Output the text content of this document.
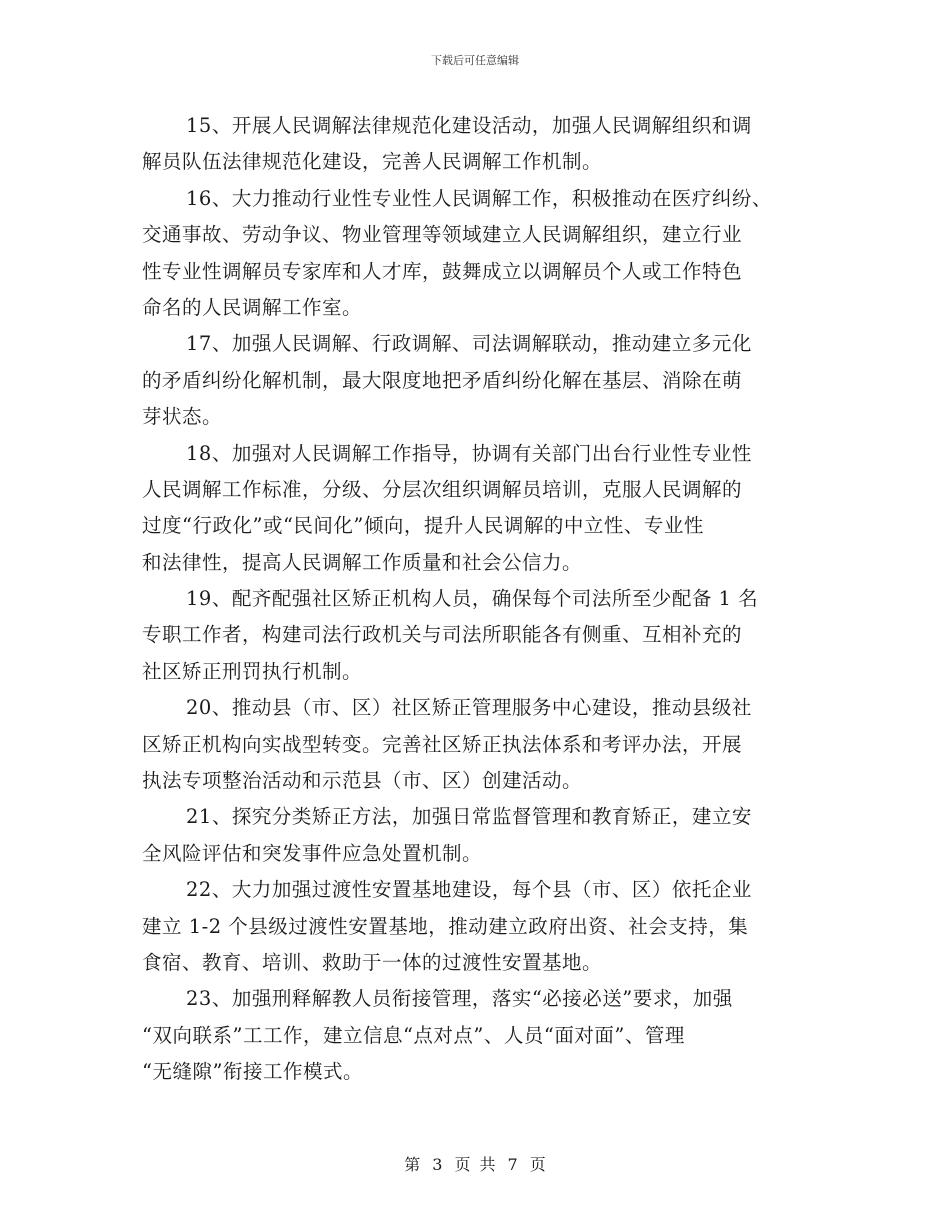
下载后可任意编辑
15、开展人民调解法律规范化建设活动，加强人民调解组织和调
解员队伍法律规范化建设，完善人民调解工作机制。
16、大力推动行业性专业性人民调解工作，积极推动在医疗纠纷、
交通事故、劳动争议、物业管理等领域建立人民调解组织，建立行业
性专业性调解员专家库和人才库，鼓舞成立以调解员个人或工作特色
命名的人民调解工作室。
17、加强人民调解、行政调解、司法调解联动，推动建立多元化
的矛盾纠纷化解机制，最大限度地把矛盾纠纷化解在基层、消除在萌
芽状态。
18、加强对人民调解工作指导，协调有关部门出台行业性专业性
人民调解工作标准，分级、分层次组织调解员培训，克服人民调解的
过度“行政化”或“民间化”倾向，提升人民调解的中立性、专业性
和法律性，提高人民调解工作质量和社会公信力。
19、配齐配强社区矫正机构人员，确保每个司法所至少配备 1 名
专职工作者，构建司法行政机关与司法所职能各有侧重、互相补充的
社区矫正刑罚执行机制。
20、推动县（市、区）社区矫正管理服务中心建设，推动县级社
区矫正机构向实战型转变。完善社区矫正执法体系和考评办法，开展
执法专项整治活动和示范县（市、区）创建活动。
21、探究分类矫正方法，加强日常监督管理和教育矫正，建立安
全风险评估和突发事件应急处置机制。
22、大力加强过渡性安置基地建设，每个县（市、区）依托企业
建立 1-2 个县级过渡性安置基地，推动建立政府出资、社会支持，集
食宿、教育、培训、救助于一体的过渡性安置基地。
23、加强刑释解教人员衔接管理，落实“必接必送”要求，加强
“双向联系”工工作，建立信息“点对点”、人员“面对面”、管理
“无缝隙”衔接工作模式。
第 3 页 共 7 页
